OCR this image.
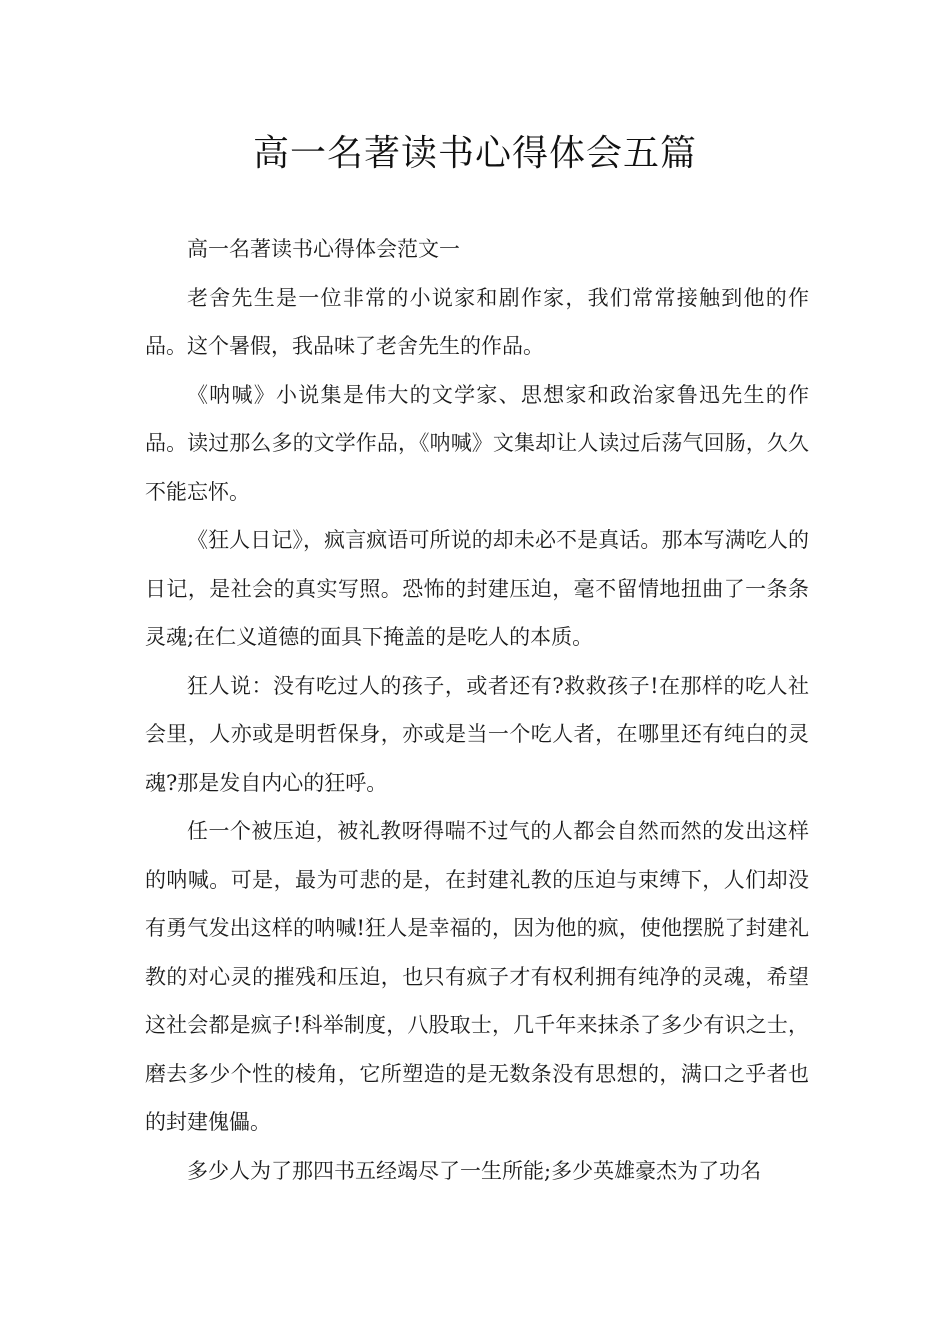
高一名著读书心得体会五篇

高一名著读书心得体会范文一

老舍先生是一位非常的小说家和剧作家，我们常常接触到他的作品。这个暑假，我品味了老舍先生的作品。

《呐喊》小说集是伟大的文学家、思想家和政治家鲁迅先生的作品。读过那么多的文学作品，《呐喊》文集却让人读过后荡气回肠，久久不能忘怀。

《狂人日记》，疯言疯语可所说的却未必不是真话。那本写满吃人的日记，是社会的真实写照。恐怖的封建压迫，毫不留情地扭曲了一条条灵魂;在仁义道德的面具下掩盖的是吃人的本质。

狂人说：没有吃过人的孩子，或者还有?救救孩子!在那样的吃人社会里，人亦或是明哲保身，亦或是当一个吃人者，在哪里还有纯白的灵魂?那是发自内心的狂呼。

任一个被压迫，被礼教呀得喘不过气的人都会自然而然的发出这样的呐喊。可是，最为可悲的是，在封建礼教的压迫与束缚下，人们却没有勇气发出这样的呐喊!狂人是幸福的，因为他的疯，使他摆脱了封建礼教的对心灵的摧残和压迫，也只有疯子才有权利拥有纯净的灵魂，希望这社会都是疯子!科举制度，八股取士，几千年来抹杀了多少有识之士，磨去多少个性的棱角，它所塑造的是无数条没有思想的，满口之乎者也的封建傀儡。

多少人为了那四书五经竭尽了一生所能;多少英雄豪杰为了功名
